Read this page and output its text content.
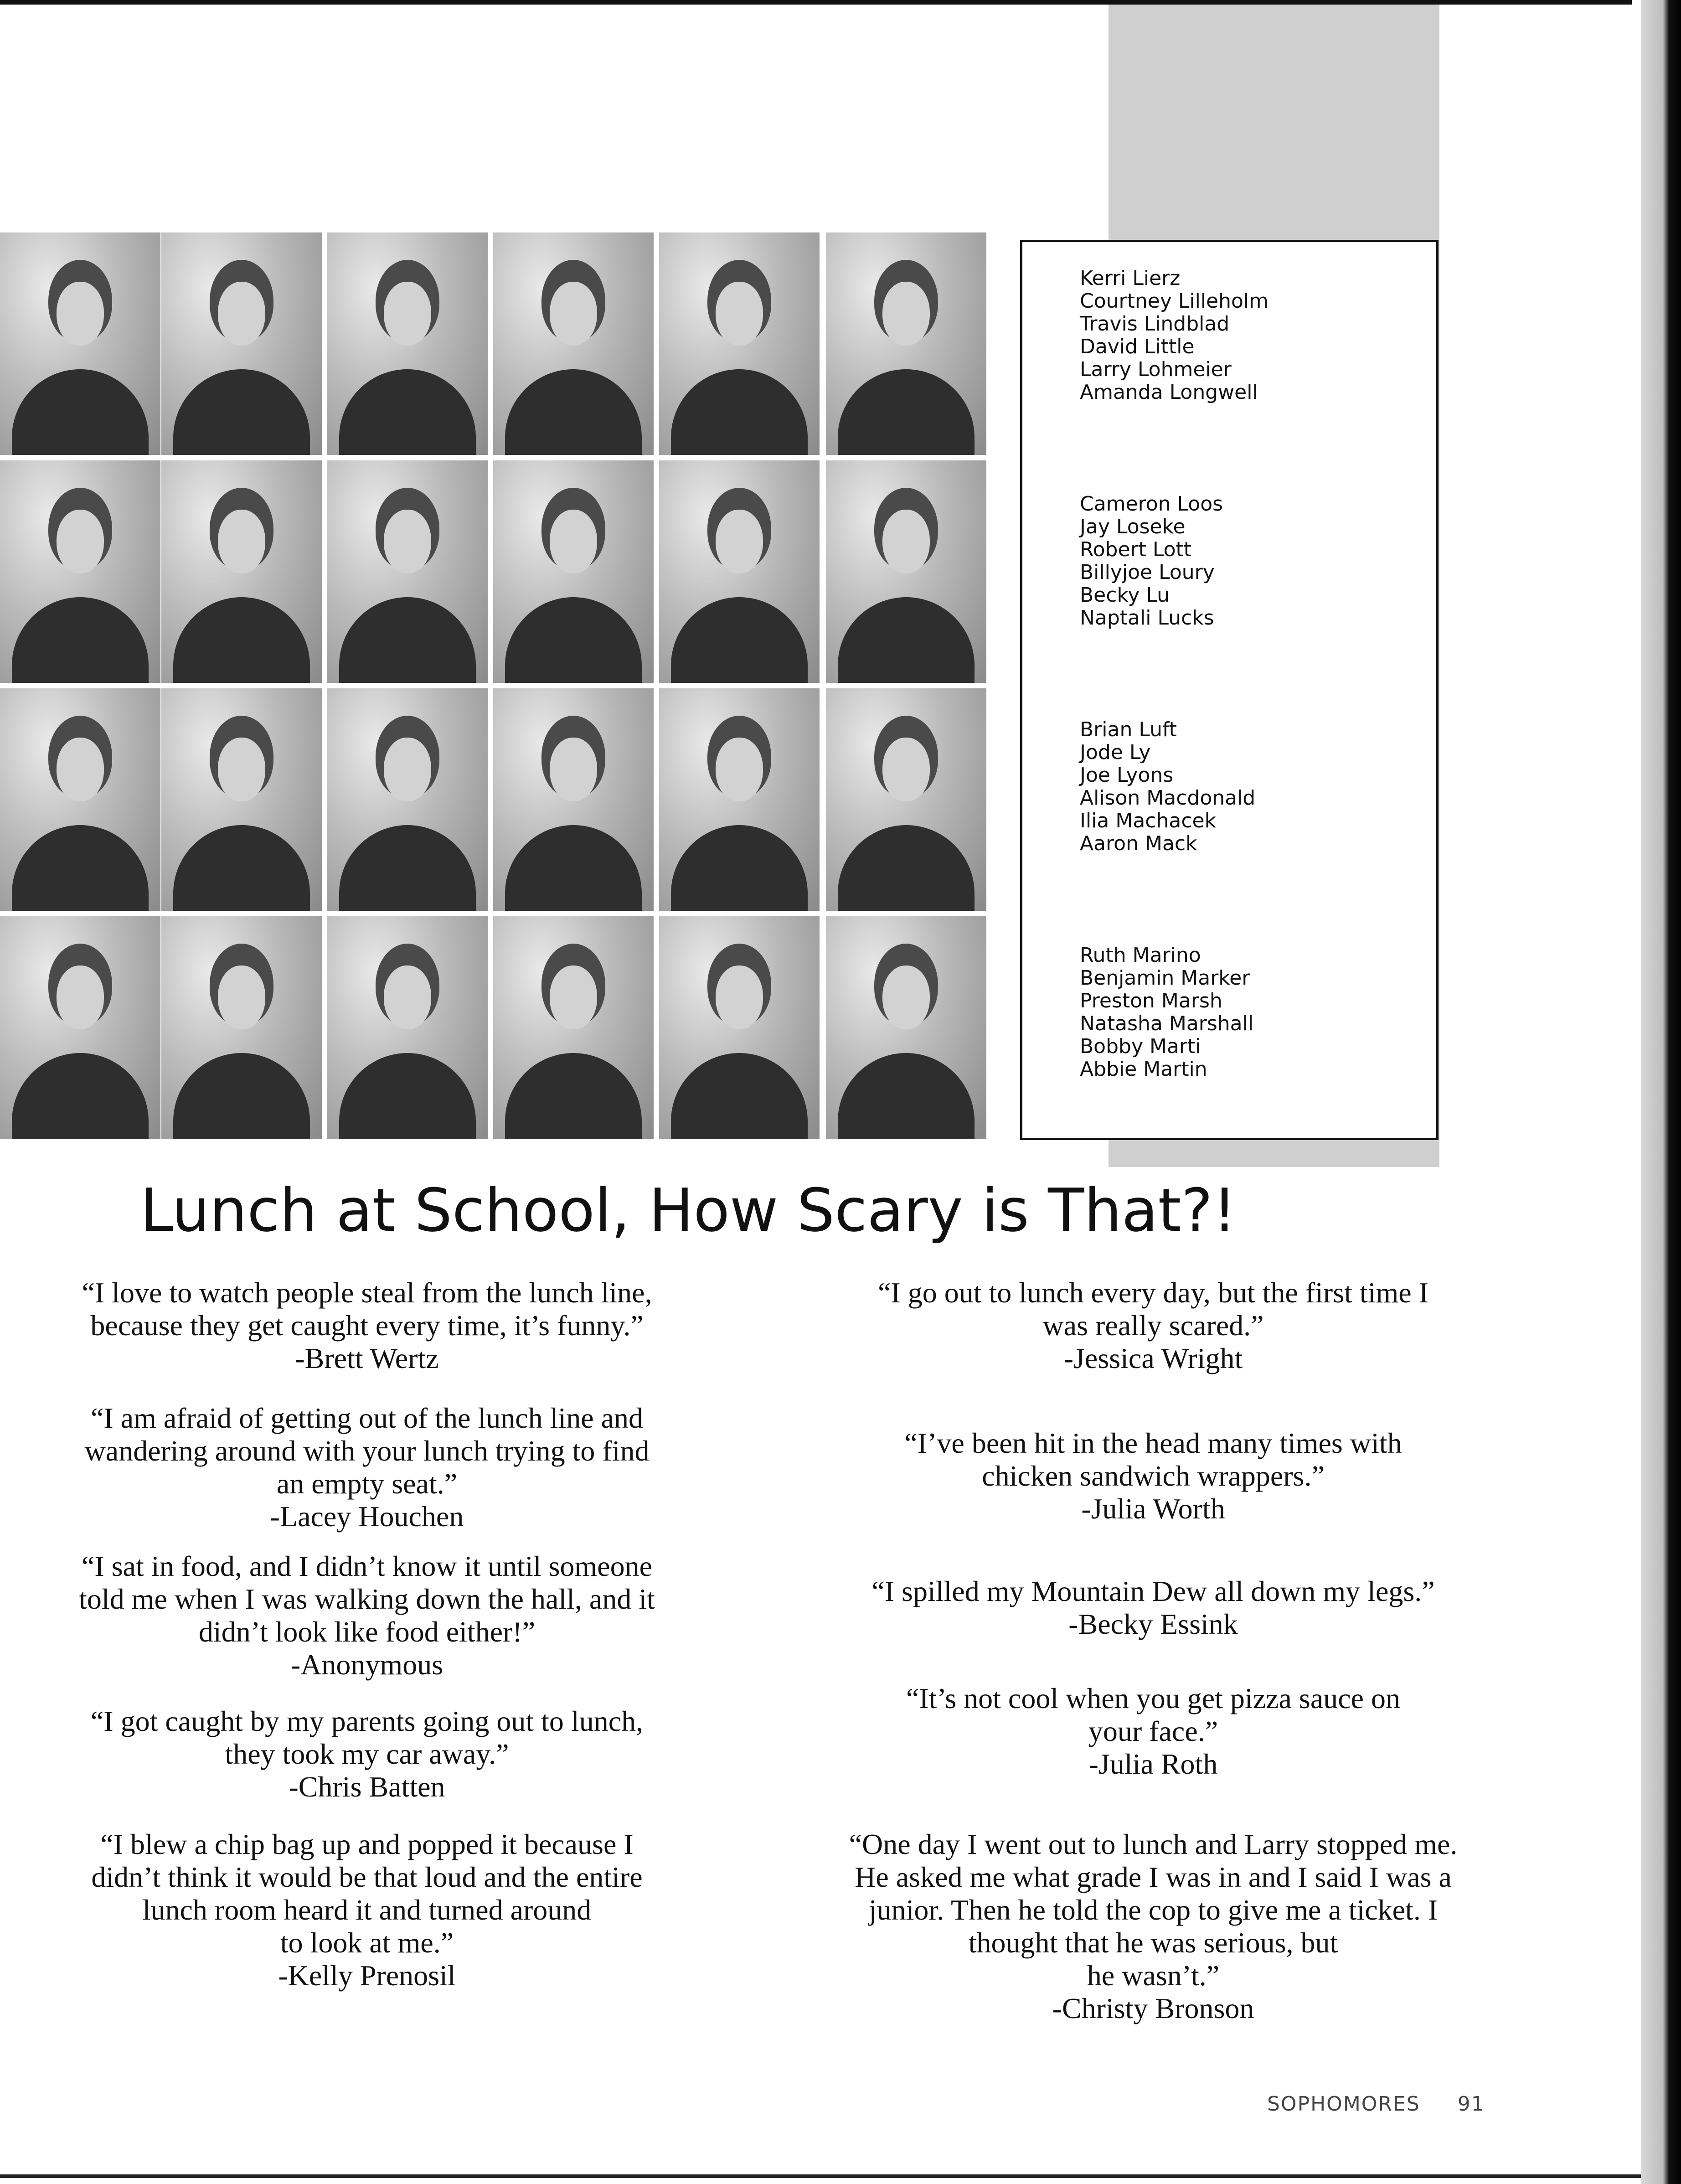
Kerri Lierz
Courtney Lilleholm
Travis Lindblad
David Little
Larry Lohmeier
Amanda Longwell
Cameron Loos
Jay Loseke
Robert Lott
Billyjoe Loury
Becky Lu
Naptali Lucks
Brian Luft
Jode Ly
Joe Lyons
Alison Macdonald
Ilia Machacek
Aaron Mack
Ruth Marino
Benjamin Marker
Preston Marsh
Natasha Marshall
Bobby Marti
Abbie Martin
Lunch at School, How Scary is That?!
“I love to watch people steal from the lunch line,
because they get caught every time, it’s funny.”
-Brett Wertz
“I am afraid of getting out of the lunch line and
wandering around with your lunch trying to find
an empty seat.”
-Lacey Houchen
“I sat in food, and I didn’t know it until someone
told me when I was walking down the hall, and it
didn’t look like food either!”
-Anonymous
“I got caught by my parents going out to lunch,
they took my car away.”
-Chris Batten
“I blew a chip bag up and popped it because I
didn’t think it would be that loud and the entire
lunch room heard it and turned around
to look at me.”
-Kelly Prenosil
“I go out to lunch every day, but the first time I
was really scared.”
-Jessica Wright
“I’ve been hit in the head many times with
chicken sandwich wrappers.”
-Julia Worth
“I spilled my Mountain Dew all down my legs.”
-Becky Essink
“It’s not cool when you get pizza sauce on
your face.”
-Julia Roth
“One day I went out to lunch and Larry stopped me.
He asked me what grade I was in and I said I was a
junior. Then he told the cop to give me a ticket. I
thought that he was serious, but
he wasn’t.”
-Christy Bronson
SOPHOMORES 91
